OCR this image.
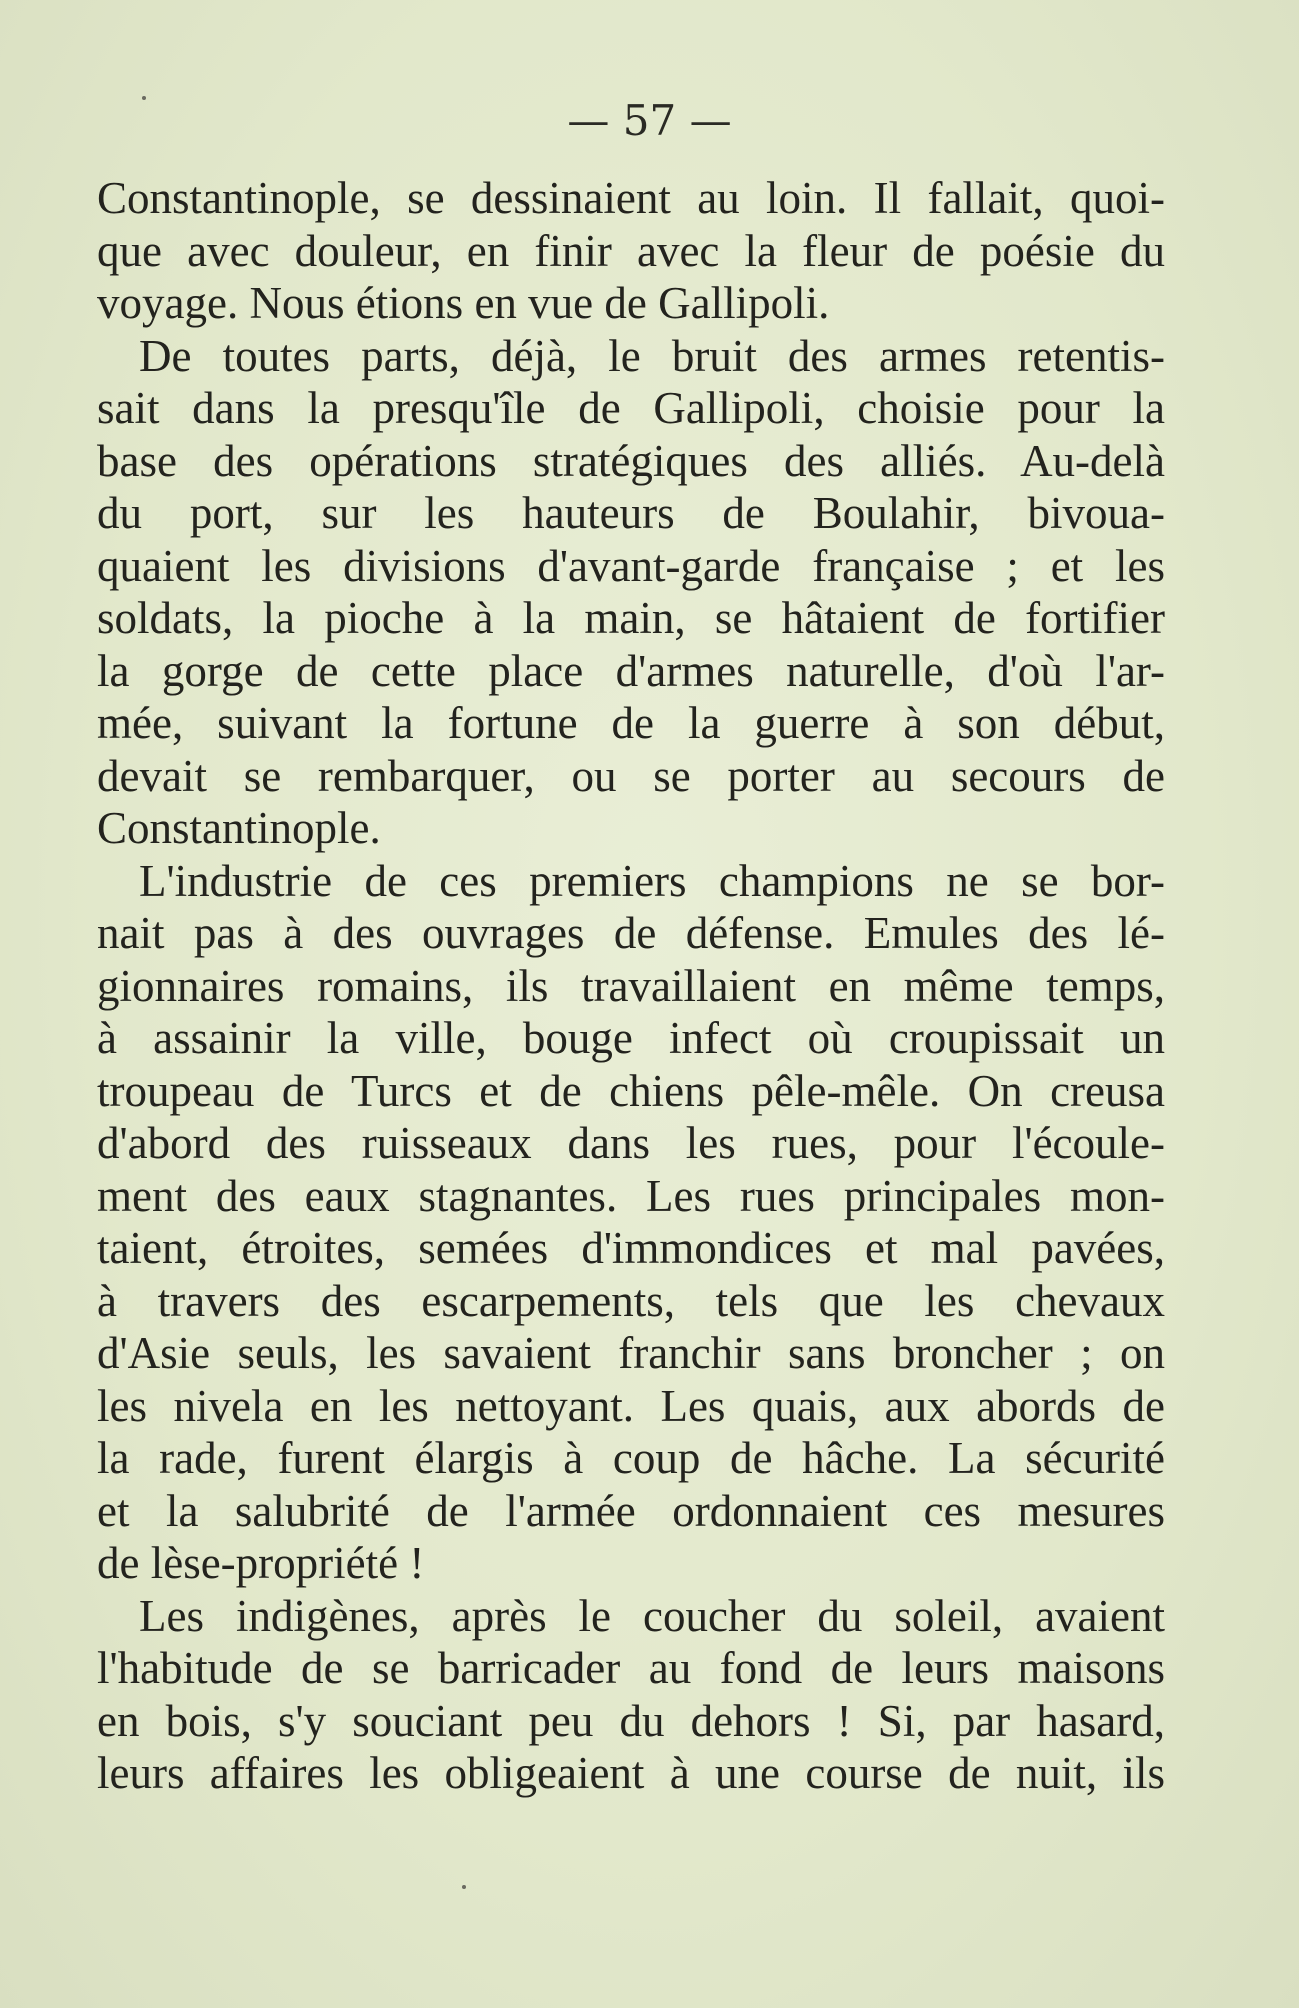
— 57 —
Constantinople, se dessinaient au loin. Il fallait, quoi-
que avec douleur, en finir avec la fleur de poésie du
voyage. Nous étions en vue de Gallipoli.
De toutes parts, déjà, le bruit des armes retentis-
sait dans la presqu'île de Gallipoli, choisie pour la
base des opérations stratégiques des alliés. Au-delà
du port, sur les hauteurs de Boulahir, bivoua-
quaient les divisions d'avant-garde française ; et les
soldats, la pioche à la main, se hâtaient de fortifier
la gorge de cette place d'armes naturelle, d'où l'ar-
mée, suivant la fortune de la guerre à son début,
devait se rembarquer, ou se porter au secours de
Constantinople.
L'industrie de ces premiers champions ne se bor-
nait pas à des ouvrages de défense. Emules des lé-
gionnaires romains, ils travaillaient en même temps,
à assainir la ville, bouge infect où croupissait un
troupeau de Turcs et de chiens pêle-mêle. On creusa
d'abord des ruisseaux dans les rues, pour l'écoule-
ment des eaux stagnantes. Les rues principales mon-
taient, étroites, semées d'immondices et mal pavées,
à travers des escarpements, tels que les chevaux
d'Asie seuls, les savaient franchir sans broncher ; on
les nivela en les nettoyant. Les quais, aux abords de
la rade, furent élargis à coup de hâche. La sécurité
et la salubrité de l'armée ordonnaient ces mesures
de lèse-propriété !
Les indigènes, après le coucher du soleil, avaient
l'habitude de se barricader au fond de leurs maisons
en bois, s'y souciant peu du dehors ! Si, par hasard,
leurs affaires les obligeaient à une course de nuit, ils
